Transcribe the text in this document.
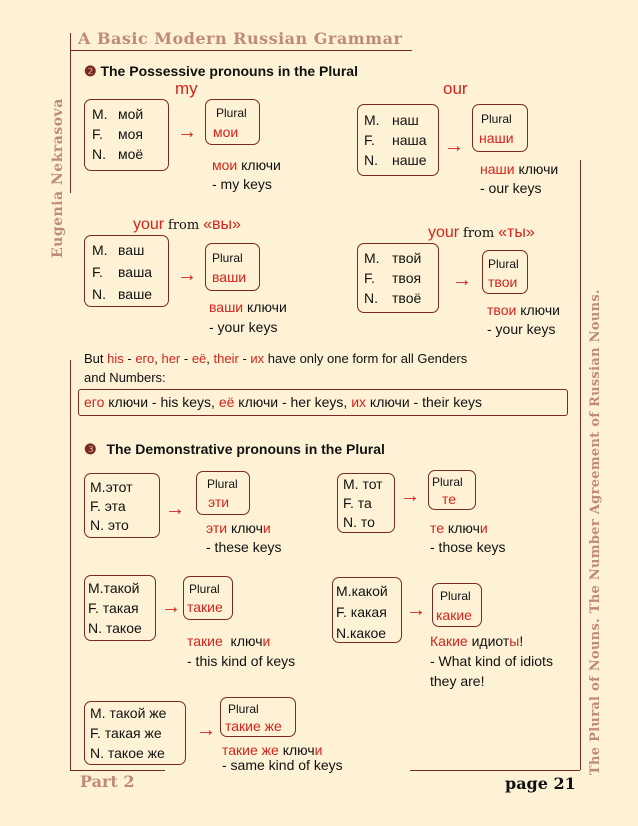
A Basic Modern Russian Grammar
Eugenia Nekrasova
The Plural of Nouns. The Number Agreement of Russian Nouns.
❷ The Possessive pronouns in the Plural
my
M. мой
F. моя
N. моё
→
Plural
мои
мои ключи
- my keys
our
M. наш
F. наша
N. наше
→
Plural
наши
наши ключи
- our keys
your from «вы»
M. ваш
F. ваша
N. ваше
→
Plural
ваши
ваши ключи
- your keys
your from «ты»
M. твой
F. твоя
N. твоё
→
Plural
твои
твои ключи
- your keys
But his - его, her - её, their - их have only one form for all Genders
and Numbers:
его ключи - his keys, её ключи - her keys, их ключи - their keys
❸ The Demonstrative pronouns in the Plural
M.этот
F. эта
N. это
→
Plural
эти
эти ключи
- these keys
M. тот
F. та
N. то
→
Plural
те
те ключи
- those keys
M.такой
F. такая
N. такое
→
Plural
такие
такие  ключи
- this kind of keys
M.какой
F. какая
N.какое
→
Plural
какие
Какие идиоты!
- What kind of idiots
they are!
M. такой же
F. такая же
N. такое же
→
Plural
такие же
такие же ключи
- same kind of keys
Part 2	page 21
